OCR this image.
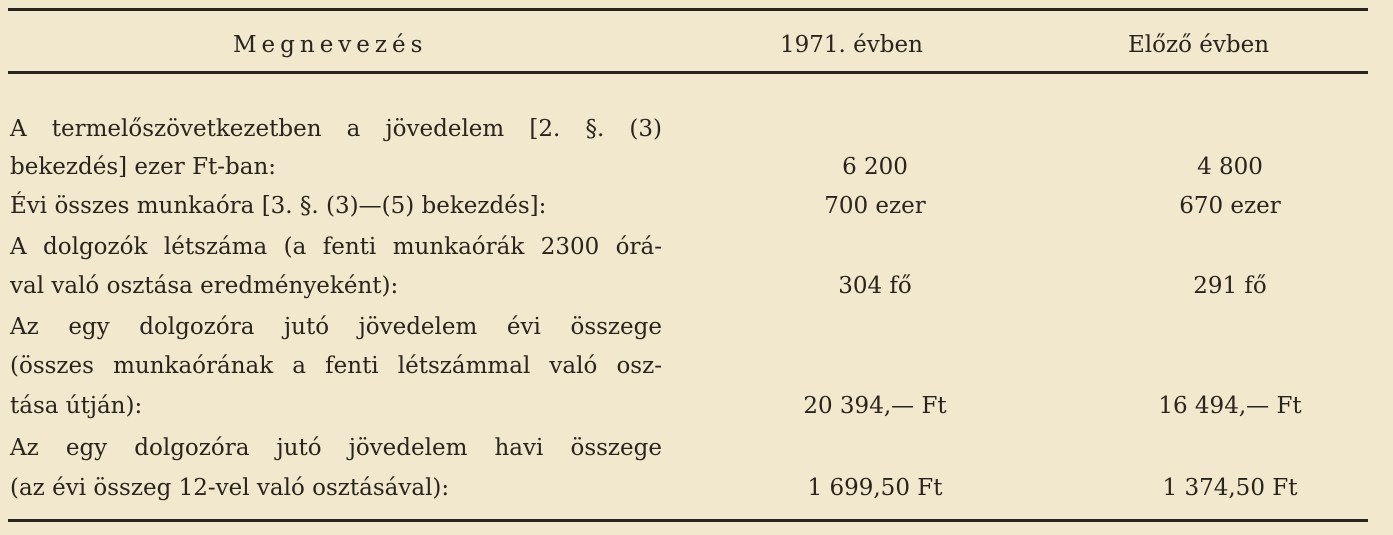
Megnevezés	1971. évben	Előző évben
A termelőszövetkezetben a jövedelem [2. §. (3)
bekezdés] ezer Ft-ban:	6 200	4 800
Évi összes munkaóra [3. §. (3)—(5) bekezdés]:	700 ezer	670 ezer
A dolgozók létszáma (a fenti munkaórák 2300 órá-
val való osztása eredményeként):	304 fő	291 fő
Az egy dolgozóra jutó jövedelem évi összege
(összes munkaórának a fenti létszámmal való osz-
tása útján):	20 394,— Ft	16 494,— Ft
Az egy dolgozóra jutó jövedelem havi összege
(az évi összeg 12-vel való osztásával):	1 699,50 Ft	1 374,50 Ft
